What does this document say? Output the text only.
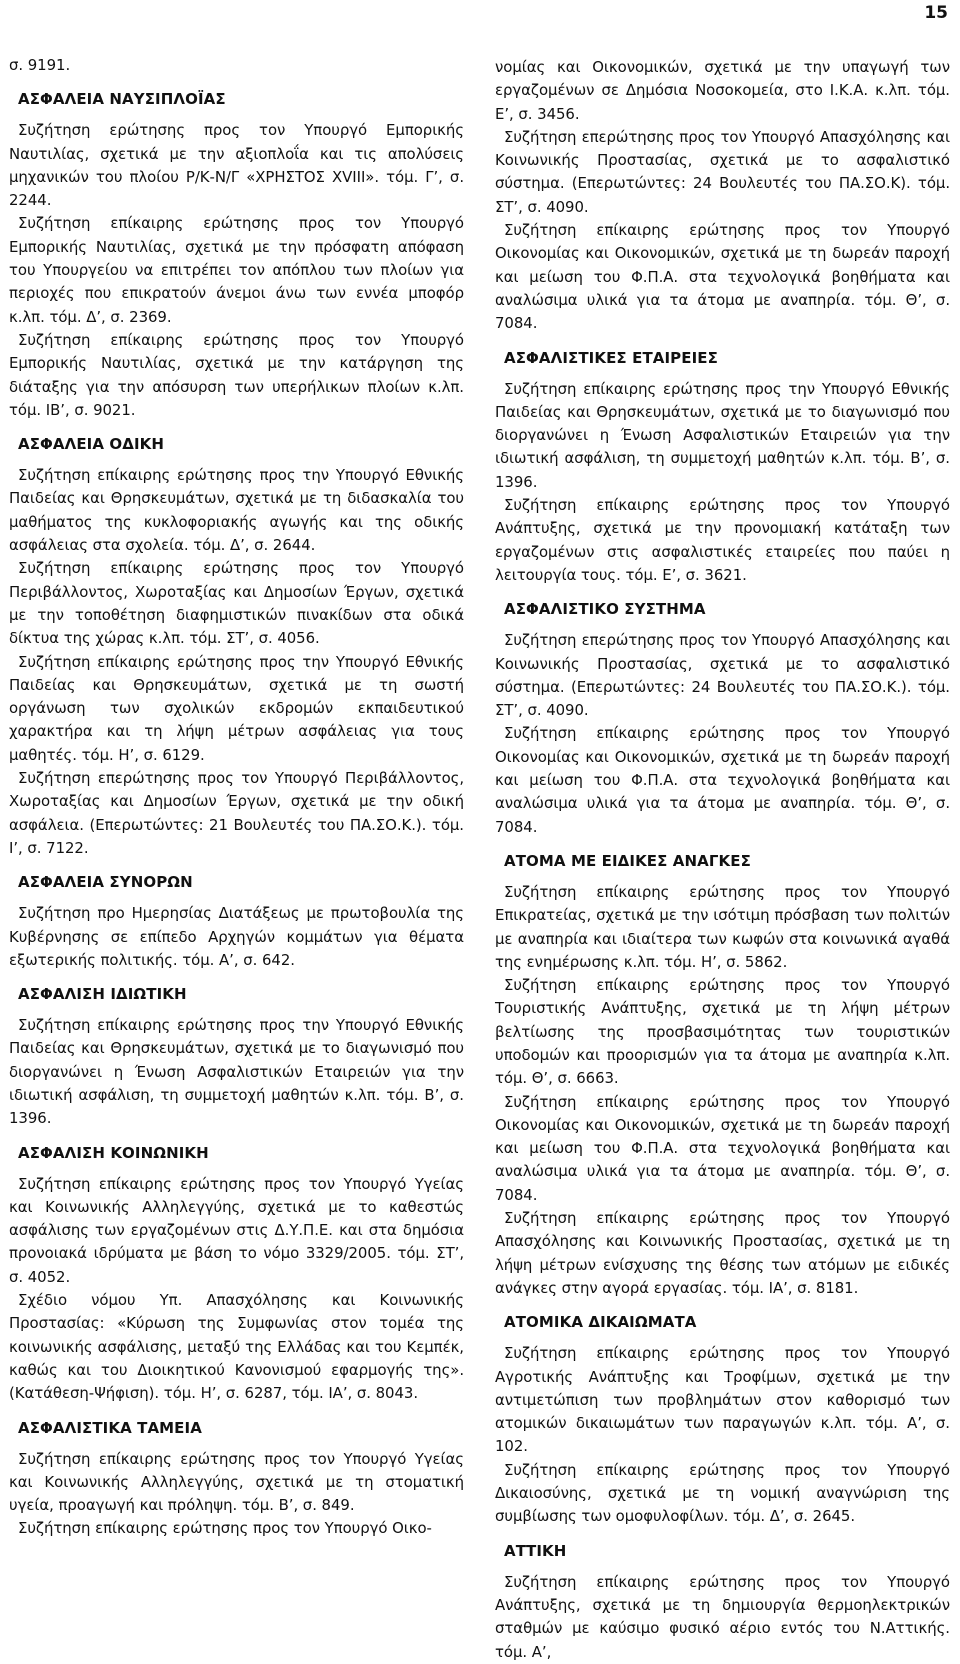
15

σ. 9191.

ΑΣΦΑΛΕΙΑ ΝΑΥΣΙΠΛΟΪΑΣ

Συζήτηση ερώτησης προς τον Υπουργό Εμπορικής Ναυτιλίας, σχετικά με την αξιοπλοΐα και τις απολύσεις μηχανικών του πλοίου Ρ/Κ-Ν/Γ «ΧΡΗΣΤΟΣ XVIII». τόμ. Γ’, σ. 2244.

Συζήτηση επίκαιρης ερώτησης προς τον Υπουργό Εμπορικής Ναυτιλίας, σχετικά με την πρόσφατη απόφαση του Υπουργείου να επιτρέπει τον απόπλου των πλοίων για περιοχές που επικρατούν άνεμοι άνω των εννέα μποφόρ κ.λπ. τόμ. Δ’, σ. 2369.

Συζήτηση επίκαιρης ερώτησης προς τον Υπουργό Εμπορικής Ναυτιλίας, σχετικά με την κατάργηση της διάταξης για την απόσυρση των υπερήλικων πλοίων κ.λπ. τόμ. ΙΒ’, σ. 9021.

ΑΣΦΑΛΕΙΑ ΟΔΙΚΗ

Συζήτηση επίκαιρης ερώτησης προς την Υπουργό Εθνικής Παιδείας και Θρησκευμάτων, σχετικά με τη διδασκαλία του μαθήματος της κυκλοφοριακής αγωγής και της οδικής ασφάλειας στα σχολεία. τόμ. Δ’, σ. 2644.

Συζήτηση επίκαιρης ερώτησης προς τον Υπουργό Περιβάλλοντος, Χωροταξίας και Δημοσίων Έργων, σχετικά με την τοποθέτηση διαφημιστικών πινακίδων στα οδικά δίκτυα της χώρας κ.λπ. τόμ. ΣΤ’, σ. 4056.

Συζήτηση επίκαιρης ερώτησης προς την Υπουργό Εθνικής Παιδείας και Θρησκευμάτων, σχετικά με τη σωστή οργάνωση των σχολικών εκδρομών εκπαιδευτικού χαρακτήρα και τη λήψη μέτρων ασφάλειας για τους μαθητές. τόμ. Η’, σ. 6129.

Συζήτηση επερώτησης προς τον Υπουργό Περιβάλλοντος, Χωροταξίας και Δημοσίων Έργων, σχετικά με την οδική ασφάλεια. (Επερωτώντες: 21 Βουλευτές του ΠΑ.ΣΟ.Κ.). τόμ. Ι’, σ. 7122.

ΑΣΦΑΛΕΙΑ ΣΥΝΟΡΩΝ

Συζήτηση προ Ημερησίας Διατάξεως με πρωτοβουλία της Κυβέρνησης σε επίπεδο Αρχηγών κομμάτων για θέματα εξωτερικής πολιτικής. τόμ. Α’, σ. 642.

ΑΣΦΑΛΙΣΗ ΙΔΙΩΤΙΚΗ

Συζήτηση επίκαιρης ερώτησης προς την Υπουργό Εθνικής Παιδείας και Θρησκευμάτων, σχετικά με το διαγωνισμό που διοργανώνει η Ένωση Ασφαλιστικών Εταιρειών για την ιδιωτική ασφάλιση, τη συμμετοχή μαθητών κ.λπ. τόμ. Β’, σ. 1396.

ΑΣΦΑΛΙΣΗ ΚΟΙΝΩΝΙΚΗ

Συζήτηση επίκαιρης ερώτησης προς τον Υπουργό Υγείας και Κοινωνικής Αλληλεγγύης, σχετικά με το καθεστώς ασφάλισης των εργαζομένων στις Δ.Υ.Π.Ε. και στα δημόσια προνοιακά ιδρύματα με βάση το νόμο 3329/2005. τόμ. ΣΤ’, σ. 4052.

Σχέδιο νόμου Υπ. Απασχόλησης και Κοινωνικής Προστασίας: «Κύρωση της Συμφωνίας στον τομέα της κοινωνικής ασφάλισης, μεταξύ της Ελλάδας και του Κεμπέκ, καθώς και του Διοικητικού Κανονισμού εφαρμογής της». (Κατάθεση-Ψήφιση). τόμ. Η’, σ. 6287, τόμ. ΙΑ’, σ. 8043.

ΑΣΦΑΛΙΣΤΙΚΑ ΤΑΜΕΙΑ

Συζήτηση επίκαιρης ερώτησης προς τον Υπουργό Υγείας και Κοινωνικής Αλληλεγγύης, σχετικά με τη στοματική υγεία, προαγωγή και πρόληψη. τόμ. Β’, σ. 849.

Συζήτηση επίκαιρης ερώτησης προς τον Υπουργό Οικο-

νομίας και Οικονομικών, σχετικά με την υπαγωγή των εργαζομένων σε Δημόσια Νοσοκομεία, στο Ι.Κ.Α. κ.λπ. τόμ. Ε’, σ. 3456.

Συζήτηση επερώτησης προς τον Υπουργό Απασχόλησης και Κοινωνικής Προστασίας, σχετικά με το ασφαλιστικό σύστημα. (Επερωτώντες: 24 Βουλευτές του ΠΑ.ΣΟ.Κ). τόμ. ΣΤ’, σ. 4090.

Συζήτηση επίκαιρης ερώτησης προς τον Υπουργό Οικονομίας και Οικονομικών, σχετικά με τη δωρεάν παροχή και μείωση του Φ.Π.Α. στα τεχνολογικά βοηθήματα και αναλώσιμα υλικά για τα άτομα με αναπηρία. τόμ. Θ’, σ. 7084.

ΑΣΦΑΛΙΣΤΙΚΕΣ ΕΤΑΙΡΕΙΕΣ

Συζήτηση επίκαιρης ερώτησης προς την Υπουργό Εθνικής Παιδείας και Θρησκευμάτων, σχετικά με το διαγωνισμό που διοργανώνει η Ένωση Ασφαλιστικών Εταιρειών για την ιδιωτική ασφάλιση, τη συμμετοχή μαθητών κ.λπ. τόμ. Β’, σ. 1396.

Συζήτηση επίκαιρης ερώτησης προς τον Υπουργό Ανάπτυξης, σχετικά με την προνομιακή κατάταξη των εργαζομένων στις ασφαλιστικές εταιρείες που παύει η λειτουργία τους. τόμ. Ε’, σ. 3621.

ΑΣΦΑΛΙΣΤΙΚΟ ΣΥΣΤΗΜΑ

Συζήτηση επερώτησης προς τον Υπουργό Απασχόλησης και Κοινωνικής Προστασίας, σχετικά με το ασφαλιστικό σύστημα. (Επερωτώντες: 24 Βουλευτές του ΠΑ.ΣΟ.Κ.). τόμ. ΣΤ’, σ. 4090.

Συζήτηση επίκαιρης ερώτησης προς τον Υπουργό Οικονομίας και Οικονομικών, σχετικά με τη δωρεάν παροχή και μείωση του Φ.Π.Α. στα τεχνολογικά βοηθήματα και αναλώσιμα υλικά για τα άτομα με αναπηρία. τόμ. Θ’, σ. 7084.

ΑΤΟΜΑ ΜΕ ΕΙΔΙΚΕΣ ΑΝΑΓΚΕΣ

Συζήτηση επίκαιρης ερώτησης προς τον Υπουργό Επικρατείας, σχετικά με την ισότιμη πρόσβαση των πολιτών με αναπηρία και ιδιαίτερα των κωφών στα κοινωνικά αγαθά της ενημέρωσης κ.λπ. τόμ. Η’, σ. 5862.

Συζήτηση επίκαιρης ερώτησης προς τον Υπουργό Τουριστικής Ανάπτυξης, σχετικά με τη λήψη μέτρων βελτίωσης της προσβασιμότητας των τουριστικών υποδομών και προορισμών για τα άτομα με αναπηρία κ.λπ. τόμ. Θ’, σ. 6663.

Συζήτηση επίκαιρης ερώτησης προς τον Υπουργό Οικονομίας και Οικονομικών, σχετικά με τη δωρεάν παροχή και μείωση του Φ.Π.Α. στα τεχνολογικά βοηθήματα και αναλώσιμα υλικά για τα άτομα με αναπηρία. τόμ. Θ’, σ. 7084.

Συζήτηση επίκαιρης ερώτησης προς τον Υπουργό Απασχόλησης και Κοινωνικής Προστασίας, σχετικά με τη λήψη μέτρων ενίσχυσης της θέσης των ατόμων με ειδικές ανάγκες στην αγορά εργασίας. τόμ. ΙΑ’, σ. 8181.

ΑΤΟΜΙΚΑ ΔΙΚΑΙΩΜΑΤΑ

Συζήτηση επίκαιρης ερώτησης προς τον Υπουργό Αγροτικής Ανάπτυξης και Τροφίμων, σχετικά με την αντιμετώπιση των προβλημάτων στον καθορισμό των ατομικών δικαιωμάτων των παραγωγών κ.λπ. τόμ. Α’, σ. 102.

Συζήτηση επίκαιρης ερώτησης προς τον Υπουργό Δικαιοσύνης, σχετικά με τη νομική αναγνώριση της συμβίωσης των ομοφυλοφίλων. τόμ. Δ’, σ. 2645.

ΑΤΤΙΚΗ

Συζήτηση επίκαιρης ερώτησης προς τον Υπουργό Ανάπτυξης, σχετικά με τη δημιουργία θερμοηλεκτρικών σταθμών με καύσιμο φυσικό αέριο εντός του Ν.Αττικής. τόμ. Α’,
